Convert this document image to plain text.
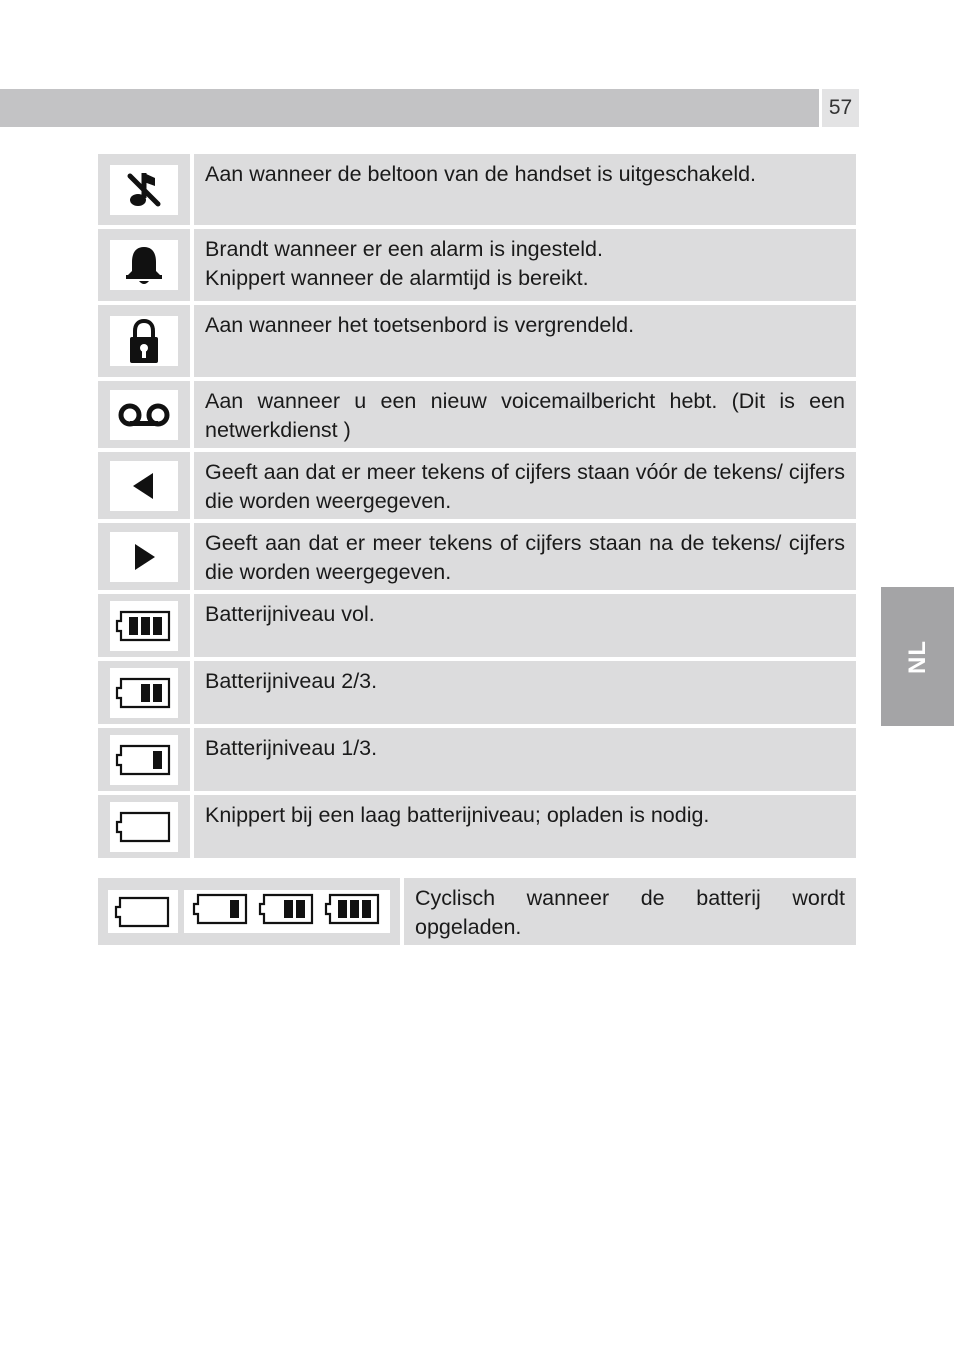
57
NL
Aan wanneer de beltoon van de handset is uitgeschakeld.
Brandt wanneer er een alarm is ingesteld.
Knippert wanneer de alarmtijd is bereikt.
Aan wanneer het toetsenbord is vergrendeld.
Aan wanneer u een nieuw voicemailbericht hebt. (Dit is een netwerkdienst )
Geeft aan dat er meer tekens of cijfers staan vóór de tekens/ cijfers die worden weergegeven.
Geeft aan dat er meer tekens of cijfers staan na de tekens/ cijfers die worden weergegeven.
Batterijniveau vol.
Batterijniveau 2/3.
Batterijniveau 1/3.
Knippert bij een laag batterijniveau; opladen is nodig.
Cyclisch wanneer de batterij wordt
opgeladen.
